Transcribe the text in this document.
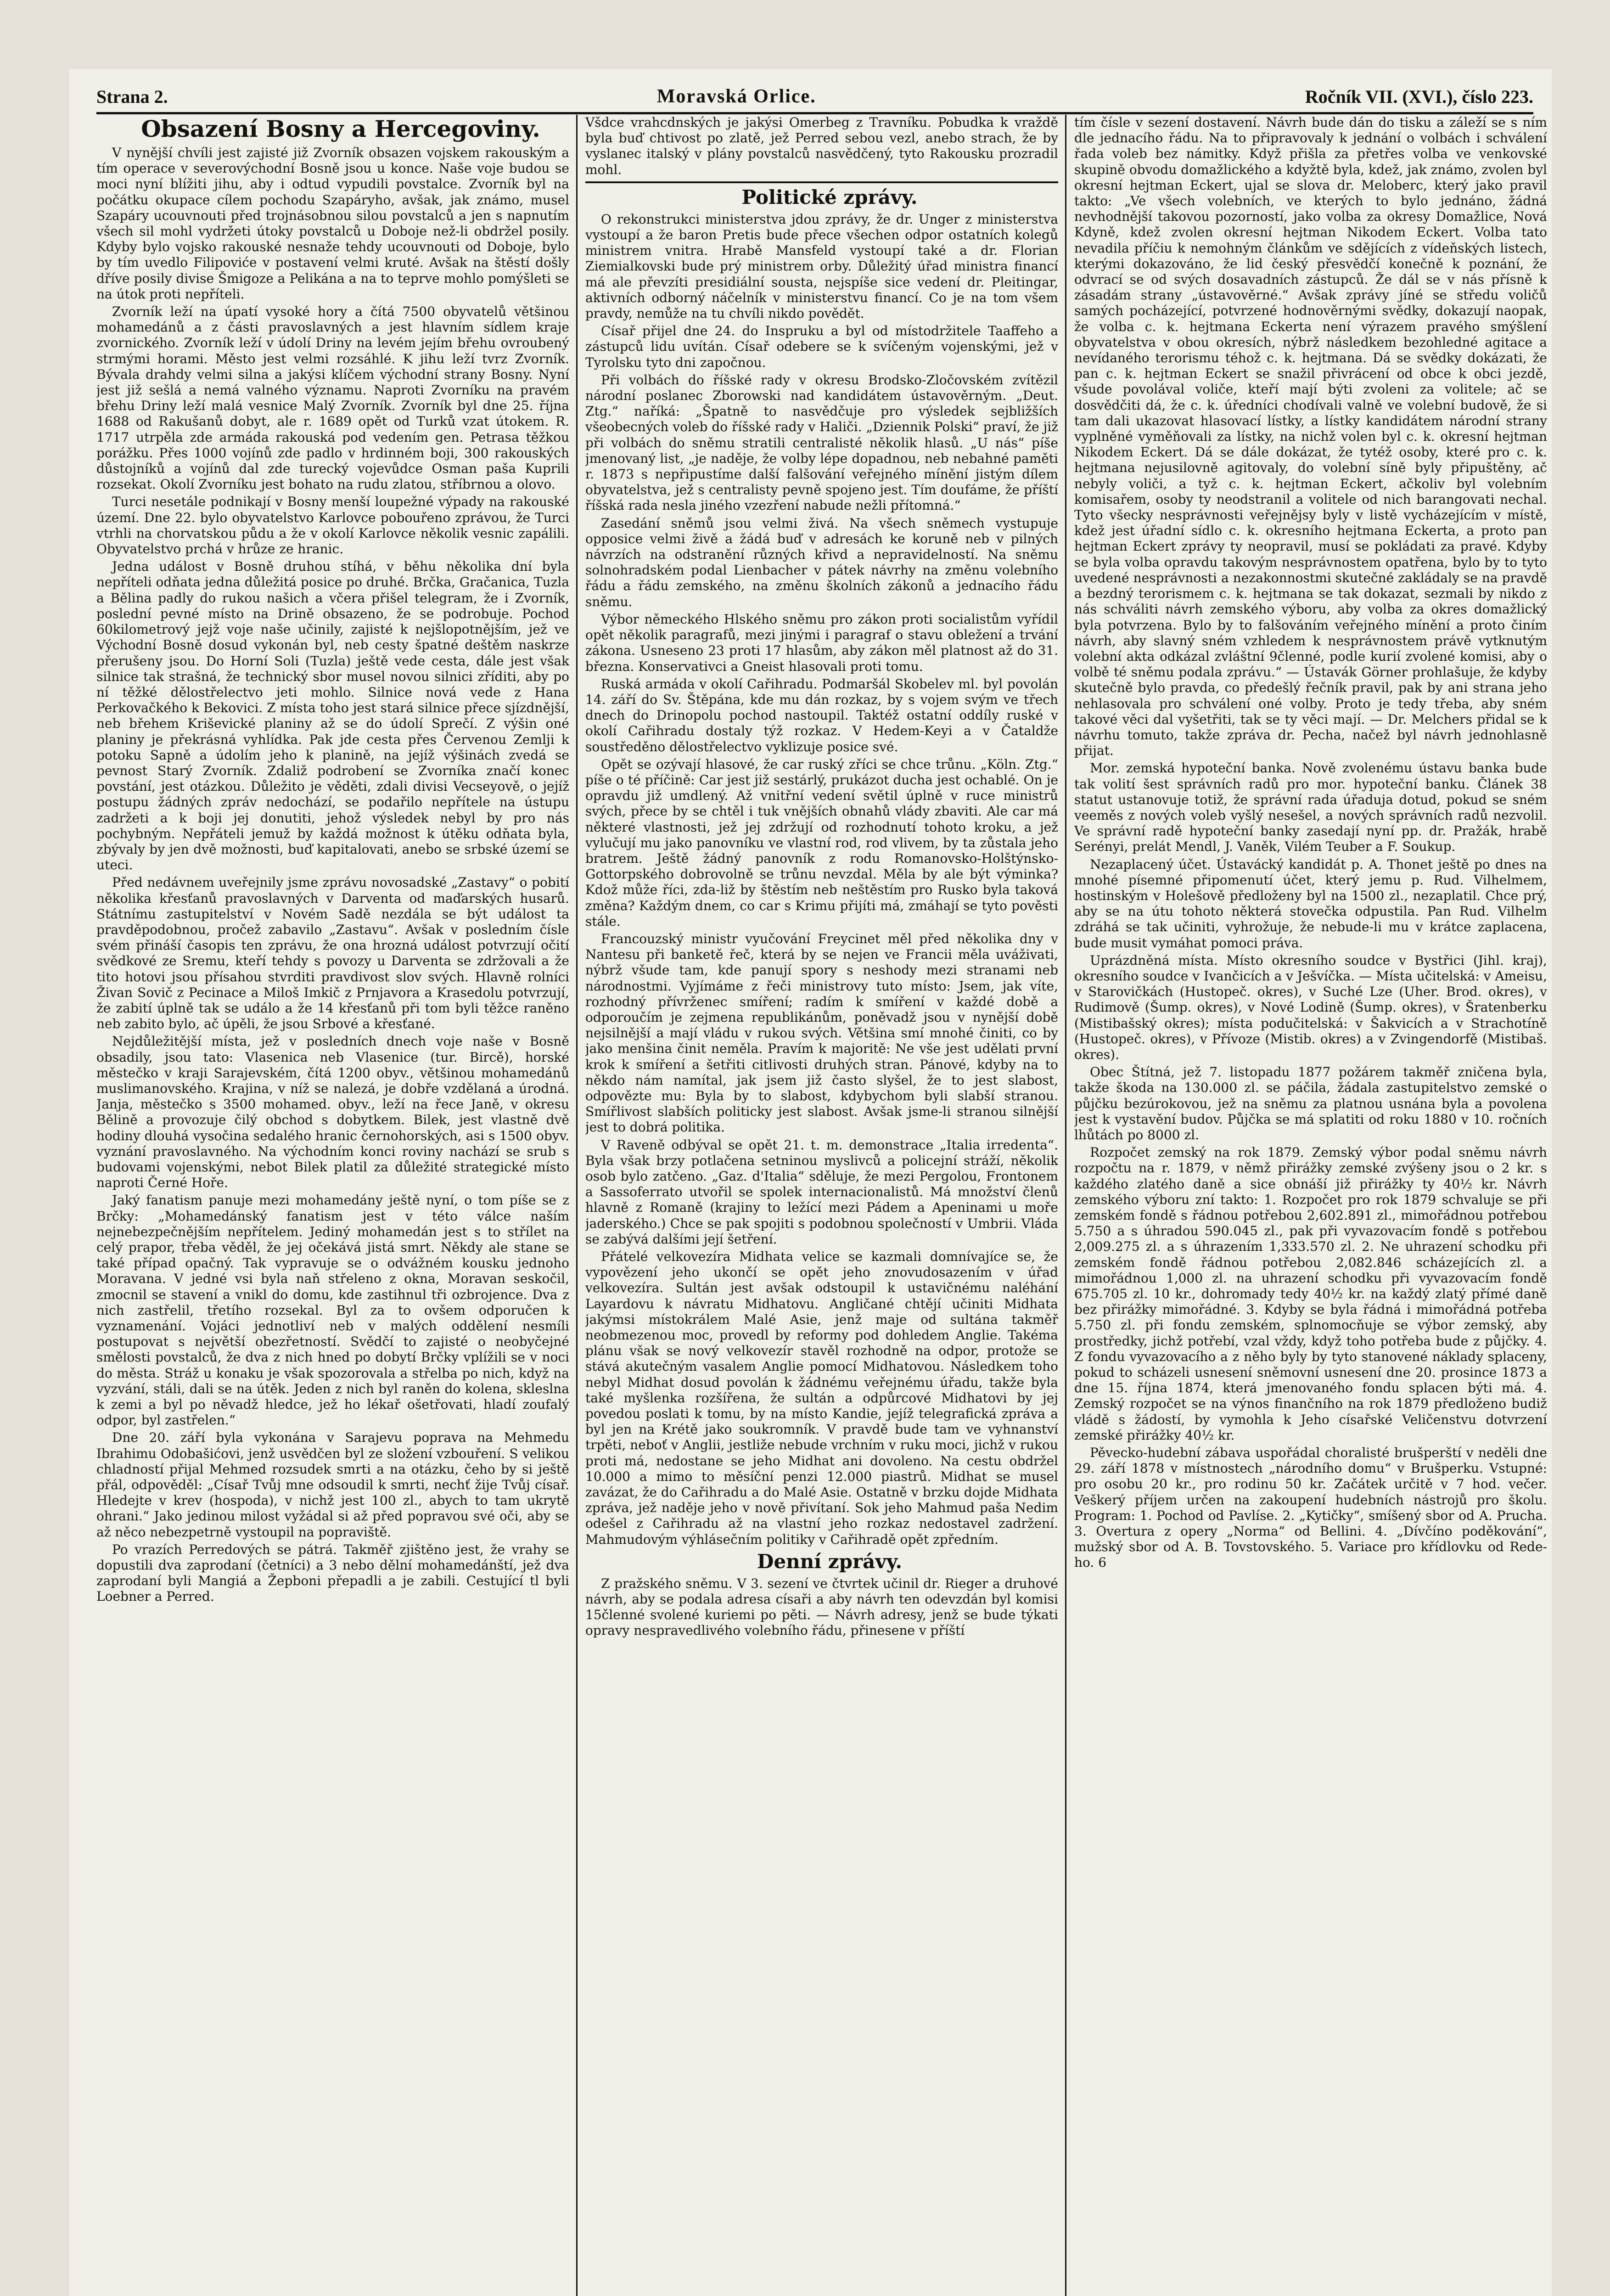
Strana 2.	Moravská Orlice.	Ročník VII. (XVI.), číslo 223.

Obsazení Bosny a Hercegoviny.

V nynější chvíli jest zajisté již Zvorník obsazen vojskem rakouským a tím operace v severovýchodní Bosně jsou u konce. Naše voje budou se moci nyní blížiti jihu, aby i odtud vypudili povstalce. Zvorník byl na počátku okupace cílem pochodu Szapáryho, avšak, jak známo, musel Szapáry ucouvnouti před trojnásobnou silou povstalců a jen s napnutím všech sil mohl vydržeti útoky povstalců u Doboje než-li obdržel posily. Kdyby bylo vojsko rakouské nesnaže tehdy ucouvnouti od Doboje, bylo by tím uvedlo Filipoviće v postavení velmi kruté. Avšak na štěstí došly dříve posily divise Šmigoze a Pelikána a na to teprve mohlo pomýšleti se na útok proti nepříteli.

Zvorník leží na úpatí vysoké hory a čítá 7500 obyvatelů většinou mohamedánů a z části pravoslavných a jest hlavním sídlem kraje zvornického. Zvorník leží v údolí Driny na levém jejím břehu ovroubený strmými horami. Město jest velmi rozsáhlé. K jihu leží tvrz Zvorník. Bývala drahdy velmi silna a jakýsi klíčem východní strany Bosny. Nyní jest již sešlá a nemá valného významu. Naproti Zvorníku na pravém břehu Driny leží malá vesnice Malý Zvorník. Zvorník byl dne 25. října 1688 od Rakušanů dobyt, ale r. 1689 opět od Turků vzat útokem. R. 1717 utrpěla zde armáda rakouská pod vedením gen. Petrasa těžkou porážku. Přes 1000 vojínů zde padlo v hrdinném boji, 300 rakouských důstojníků a vojínů dal zde turecký vojevůdce Osman paša Kuprili rozsekat. Okolí Zvorníku jest bohato na rudu zlatou, stříbrnou a olovo.

Turci nesetále podnikají v Bosny menší loupežné výpady na rakouské území. Dne 22. bylo obyvatelstvo Karlovce pobouřeno zprávou, že Turci vtrhli na chorvatskou půdu a že v okolí Karlovce několik vesnic zapálili. Obyvatelstvo prchá v hrůze ze hranic.

Jedna událost v Bosně druhou stíhá, v běhu několika dní byla nepříteli odňata jedna důležitá posice po druhé. Brčka, Gračanica, Tuzla a Bělina padly do rukou našich a včera přišel telegram, že i Zvorník, poslední pevné místo na Drině obsazeno, že se podrobuje. Pochod 60kilometrový jejž voje naše učinily, zajisté k nejšlopotnějším, jež ve Východní Bosně dosud vykonán byl, neb cesty špatné deštěm naskrze přerušeny jsou. Do Horní Soli (Tuzla) ještě vede cesta, dále jest však silnice tak strašná, že technický sbor musel novou silnici zříditi, aby po ní těžké dělostřelectvo jeti mohlo. Silnice nová vede z Hana Perkovačkého k Bekovici. Z místa toho jest stará silnice přece sjízdnější, neb břehem Kriševické planiny až se do údolí Sprečí. Z výšin oné planiny je překrásná vyhlídka. Pak jde cesta přes Červenou Zemlji k potoku Sapně a údolím jeho k planině, na jejíž výšinách zvedá se pevnost Starý Zvorník. Zdaliž podrobení se Zvorníka značí konec povstání, jest otázkou. Důležito je věděti, zdali divisi Vecseyově, o jejíž postupu žádných zpráv nedochází, se podařilo nepřítele na ústupu zadržeti a k boji jej donutiti, jehož výsledek nebyl by pro nás pochybným. Nepřáteli jemuž by každá možnost k útěku odňata byla, zbývaly by jen dvě možnosti, buď kapitalovati, anebo se srbské území se uteci.

Před nedávnem uveřejnily jsme zprávu novosadské „Zastavy“ o pobití několika křesťanů pravoslavných v Darventa od maďarských husarů. Státnímu zastupitelství v Novém Sadě nezdála se být událost ta pravděpodobnou, pročež zabavilo „Zastavu“. Avšak v posledním čísle svém přináší časopis ten zprávu, že ona hrozná událost potvrzují očití svědkové ze Sremu, kteří tehdy s povozy u Darventa se zdržovali a že tito hotovi jsou přísahou stvrditi pravdivost slov svých. Hlavně rolníci Živan Sovič z Pecinace a Miloš Imkič z Prnjavora a Krasedolu potvrzují, že zabití úplně tak se událo a že 14 křesťanů při tom byli těžce raněno neb zabito bylo, ač úpěli, že jsou Srbové a křesťané.

Nejdůležitější místa, jež v posledních dnech voje naše v Bosně obsadily, jsou tato: Vlasenica neb Vlasenice (tur. Bircě), horské městečko v kraji Sarajevském, čítá 1200 obyv., většinou mohamedánů muslimanovského. Krajina, v níž se nalezá, je dobře vzdělaná a úrodná. Janja, městečko s 3500 mohamed. obyv., leží na řece Janě, v okresu Bělině a provozuje čilý obchod s dobytkem. Bilek, jest vlastně dvě hodiny dlouhá vysočina sedalého hranic černohorských, asi s 1500 obyv. vyznání pravoslavného. Na východním konci roviny nachází se srub s budovami vojenskými, nebot Bilek platil za důležité strategické místo naproti Černé Hoře.

Jaký fanatism panuje mezi mohamedány ještě nyní, o tom píše se z Brčky: „Mohamedánský fanatism jest v této válce naším nejnebezpečnějším nepřítelem. Jediný mohamedán jest s to střílet na celý prapor, třeba věděl, že jej očekává jistá smrt. Někdy ale stane se také případ opačný. Tak vypravuje se o odvážném kousku jednoho Moravana. V jedné vsi byla naň střeleno z okna, Moravan seskočil, zmocnil se stavení a vnikl do domu, kde zastihnul tři ozbrojence. Dva z nich zastřelil, třetího rozsekal. Byl za to ovšem odporučen k vyznamenání. Vojáci jednotliví neb v malých oddělení nesmíli postupovat s největší obezřetností. Svědčí to zajisté o neobyčejné smělosti povstalců, že dva z nich hned po dobytí Brčky vplížili se v noci do města. Stráž u konaku je však spozorovala a střelba po nich, když na vyzvání, stáli, dali se na útěk. Jeden z nich byl raněn do kolena, skleslna k zemi a byl po něvadž hledce, jež ho lékař ošetřovati, hladí zoufalý odpor, byl zastřelen.“

Dne 20. září byla vykonána v Sarajevu poprava na Mehmedu Ibrahimu Odobašićovi, jenž usvědčen byl ze složení vzbouření. S velikou chladností přijal Mehmed rozsudek smrti a na otázku, čeho by si ještě přál, odpověděl: „Císař Tvůj mne odsoudil k smrti, nechť žije Tvůj císař. Hledejte v krev (hospoda), v nichž jest 100 zl., abych to tam ukrytě ohrani.“ Jako jedinou milost vyžádal si až před popravou své oči, aby se až něco nebezpetrně vystoupil na popraviště.

Po vrazích Perredových se pátrá. Takměř zjištěno jest, že vrahy se dopustili dva zaprodaní (četníci) a 3 nebo dělní mohamedánští, jež dva zaprodaní byli Mangiá a Žepboni přepadli a je zabili. Cestující tl byli Loebner a Perred.

Všdce vrahcdnských je jakýsi Omerbeg z Travníku. Pobudka k vraždě byla buď chtivost po zlatě, jež Perred sebou vezl, anebo strach, že by vyslanec italský v plány povstalců nasvědčený, tyto Rakousku prozradil mohl.

Politické zprávy.

O rekonstrukci ministerstva jdou zprávy, že dr. Unger z ministerstva vystoupí a že baron Pretis bude přece všechen odpor ostatních kolegů ministrem vnitra. Hrabě Mansfeld vystoupí také a dr. Florian Ziemialkovski bude prý ministrem orby. Důležitý úřad ministra financí má ale převzíti presidiální sousta, nejspíše sice vedení dr. Pleitingar, aktivních odborný náčelník v ministerstvu financí. Co je na tom všem pravdy, nemůže na tu chvíli nikdo povědět.

Císař přijel dne 24. do Inspruku a byl od místodržitele Taaffeho a zástupců lidu uvítán. Císař odebere se k svíčeným vojenskými, jež v Tyrolsku tyto dni započnou.

Při volbách do říšské rady v okresu Brodsko-Zločovském zvítězil národní poslanec Zborowski nad kandidátem ústavověrným. „Deut. Ztg.“ naříká: „Špatně to nasvědčuje pro výsledek sejbližších všeobecných voleb do říšské rady v Haliči. „Dziennik Polski“ praví, že již při volbách do sněmu stratili centralisté několik hlasů. „U nás“ píše jmenovaný list, „je naděje, že volby lépe dopadnou, neb nebahné paměti r. 1873 s nepřipustíme další falšování veřejného mínění jistým dílem obyvatelstva, jež s centralisty pevně spojeno jest. Tím doufáme, že příští říšská rada nesla jiného vzezření nabude nežli přítomná.“

Zasedání sněmů jsou velmi živá. Na všech sněmech vystupuje opposice velmi živě a žádá buď v adresách ke koruně neb v pilných návrzích na odstranění různých křivd a nepravidelností. Na sněmu solnohradském podal Lienbacher v pátek návrhy na změnu volebního řádu a řádu zemského, na změnu školních zákonů a jednacího řádu sněmu.

Výbor německého Hlského sněmu pro zákon proti socialistům vyřídil opět několik paragrafů, mezi jinými i paragraf o stavu obležení a trvání zákona. Usneseno 23 proti 17 hlasům, aby zákon měl platnost až do 31. března. Konservativci a Gneist hlasovali proti tomu.

Ruská armáda v okolí Cařihradu. Podmaršál Skobelev ml. byl povolán 14. září do Sv. Štěpána, kde mu dán rozkaz, by s vojem svým ve třech dnech do Drinopolu pochod nastoupil. Taktéž ostatní oddíly ruské v okolí Cařihradu dostaly týž rozkaz. V Hedem-Keyi a v Čataldže soustředěno dělostřelectvo vyklizuje posice své.

Opět se ozývají hlasové, že car ruský zříci se chce trůnu. „Köln. Ztg.“ píše o té příčině: Car jest již sestárlý, prukázot ducha jest ochablé. On je opravdu již umdlený. Až vnitřní vedení světil úplně v ruce ministrů svých, přece by se chtěl i tuk vnějších obnahů vlády zbaviti. Ale car má některé vlastnosti, jež jej zdržují od rozhodnutí tohoto kroku, a jež vylučují mu jako panovníku ve vlastní rod, rod vlivem, by ta zůstala jeho bratrem. Ještě žádný panovník z rodu Romanovsko-Holštýnsko-Gottorpského dobrovolně se trůnu nevzdal. Měla by ale být výminka? Kdož může říci, zda-liž by štěstím neb neštěstím pro Rusko byla taková změna? Každým dnem, co car s Krimu přijíti má, zmáhají se tyto pověsti stále.

Francouzský ministr vyučování Freycinet měl před několika dny v Nantesu při banketě řeč, která by se nejen ve Francii měla uváživati, nýbrž všude tam, kde panují spory s neshody mezi stranami neb národnostmi. Vyjímáme z řeči ministrovy tuto místo: Jsem, jak víte, rozhodný přívrženec smíření; radím k smíření v každé době a odporoučím je zejmena republikánům, poněvadž jsou v nynější době nejsilnější a mají vládu v rukou svých. Většina smí mnohé činiti, co by jako menšina činit neměla. Pravím k majoritě: Ne vše jest udělati první krok k smíření a šetřiti citlivosti druhých stran. Pánové, kdyby na to někdo nám namítal, jak jsem již často slyšel, že to jest slabost, odpovězte mu: Byla by to slabost, kdybychom byli slabší stranou. Smířlivost slabších politicky jest slabost. Avšak jsme-li stranou silnější jest to dobrá politika.

V Raveně odbýval se opět 21. t. m. demonstrace „Italia irredenta“. Byla však brzy potlačena setninou myslivců a policejní stráží, několik osob bylo zatčeno. „Gaz. d'Italia“ sděluje, že mezi Pergolou, Frontonem a Sassoferrato utvořil se spolek internacionalistů. Má množství členů hlavně z Romaně (krajiny to ležící mezi Pádem a Apeninami u moře jaderského.) Chce se pak spojiti s podobnou společností v Umbrii. Vláda se zabývá dalšími její šetření.

Přátelé velkovezíra Midhata velice se kazmali domnívajíce se, že vypovězení jeho ukončí se opět jeho znovudosazením v úřad velkovezíra. Sultán jest avšak odstoupil k ustavičnému naléhání Layardovu k návratu Midhatovu. Angličané chtějí učiniti Midhata jakýmsi místokrálem Malé Asie, jenž maje od sultána takměř neobmezenou moc, provedl by reformy pod dohledem Anglie. Takéma plánu však se nový velkovezír stavěl rozhodně na odpor, protože se stává akutečným vasalem Anglie pomocí Midhatovou. Následkem toho nebyl Midhat dosud povolán k žádnému veřejnému úřadu, takže byla také myšlenka rozšířena, že sultán a odpůrcové Midhatovi by jej povedou poslati k tomu, by na místo Kandie, jejíž telegrafická zpráva a byl jen na Krétě jako soukromník. V pravdě bude tam ve vyhnanství trpěti, neboť v Anglii, jestliže nebude vrchním v ruku moci, jichž v rukou proti má, nedostane se jeho Midhat ani dovoleno. Na cestu obdržel 10.000 a mimo to měsíční penzi 12.000 piastrů. Midhat se musel zavázat, že do Cařihradu a do Malé Asie. Ostatně v brzku dojde Midhata zpráva, jež naděje jeho v nově přivítaní. Sok jeho Mahmud paša Nedim odešel z Cařihradu až na vlastní jeho rozkaz nedostavel zadržení. Mahmudovým výhlásečním politiky v Cařihradě opět zpředním.

Denní zprávy.

Z pražského sněmu. V 3. sezení ve čtvrtek učinil dr. Rieger a druhové návrh, aby se podala adresa císaři a aby návrh ten odevzdán byl komisi 15členné svolené kuriemi po pěti. — Návrh adresy, jenž se bude týkati opravy nespravedlivého volebního řádu, přinesene v příští

tím čísle v sezení dostavení. Návrh bude dán do tisku a záleží se s ním dle jednacího řádu. Na to připravovaly k jednání o volbách i schválení řada voleb bez námitky. Když přišla za přetřes volba ve venkovské skupině obvodu domažlického a kdyžtě byla, kdež, jak známo, zvolen byl okresní hejtman Eckert, ujal se slova dr. Meloberc, který jako pravil takto: „Ve všech volebních, ve kterých to bylo jednáno, žádná nevhodnější takovou pozorností, jako volba za okresy Domažlice, Nová Kdyně, kdež zvolen okresní hejtman Nikodem Eckert. Volba tato nevadila příčiu k nemohným článkům ve sdějících z vídeňských listech, kterými dokazováno, že lid český přesvědčí konečně k poznání, že odvrací se od svých dosavadních zástupců. Že dál se v nás přísně k zásadám strany „ústavověrné.“ Avšak zprávy jíné se středu voličů samých pocházející, potvrzené hodnověrnými svědky, dokazují naopak, že volba c. k. hejtmana Eckerta není výrazem pravého smýšlení obyvatelstva v obou okresích, nýbrž následkem bezohledné agitace a nevídaného terorismu téhož c. k. hejtmana. Dá se svědky dokázati, že pan c. k. hejtman Eckert se snažil přivrácení od obce k obci jezdě, všude povolával voliče, kteří mají býti zvoleni za volitele; ač se dosvědčiti dá, že c. k. úředníci chodívali valně ve volební budově, že si tam dali ukazovat hlasovací lístky, a lístky kandidátem národní strany vyplněné vyměňovali za lístky, na nichž volen byl c. k. okresní hejtman Nikodem Eckert. Dá se dále dokázat, že tytéž osoby, které pro c. k. hejtmana nejusilovně agitovaly, do volební síně byly připuštěny, ač nebyly voliči, a tyž c. k. hejtman Eckert, ačkoliv byl volebním komisařem, osoby ty neodstranil a volitele od nich barangovati nechal. Tyto všecky nesprávnosti veřejnějsy byly v listě vycházejícím v místě, kdež jest úřadní sídlo c. k. okresního hejtmana Eckerta, a proto pan hejtman Eckert zprávy ty neopravil, musí se pokládati za pravé. Kdyby se byla volba opravdu takovým nesprávnostem opatřena, bylo by to tyto uvedené nesprávnosti a nezakonnostmi skutečné zakládaly se na pravdě a bezdný terorismem c. k. hejtmana se tak dokazat, sezmali by nikdo z nás schváliti návrh zemského výboru, aby volba za okres domažlický byla potvrzena. Bylo by to falšováním veřejného mínění a proto činím návrh, aby slavný sném vzhledem k nesprávnostem právě vytknutým volební akta odkázal zvláštní 9členné, podle kurií zvolené komisi, aby o volbě té sněmu podala zprávu.“ — Ústavák Görner prohlašuje, že kdyby skutečně bylo pravda, co předešlý řečník pravil, pak by ani strana jeho nehlasovala pro schválení oné volby. Proto je tedy třeba, aby sném takové věci dal vyšetřiti, tak se ty věci mají. — Dr. Melchers přidal se k návrhu tomuto, takže zpráva dr. Pecha, načež byl návrh jednohlasně přijat.

Mor. zemská hypoteční banka. Nově zvolenému ústavu banka bude tak volití šest správních radů pro mor. hypoteční banku. Článek 38 statut ustanovuje totiž, že správní rada úřaduja dotud, pokud se sném veeměs z nových voleb vyšlý nesešel, a nových správních radů nezvolil. Ve správní radě hypoteční banky zasedají nyní pp. dr. Pražák, hrabě Serényi, prelát Mendl, J. Vaněk, Vilém Teuber a F. Soukup.

Nezaplacený účet. Ústavácký kandidát p. A. Thonet ještě po dnes na mnohé písemné připomenutí účet, který jemu p. Rud. Vilhelmem, hostinským v Holešově předloženy byl na 1500 zl., nezaplatil. Chce prý, aby se na útu tohoto některá stovečka odpustila. Pan Rud. Vilhelm zdráhá se tak učiniti, vyhrožuje, že nebude-li mu v krátce zaplacena, bude musit vymáhat pomoci práva.

Uprázdněná místa. Místo okresního soudce v Bystřici (Jihl. kraj), okresního soudce v Ivančicích a v Ješvíčka. — Místa učitelská: v Ameisu, v Starovičkách (Hustopeč. okres), v Suché Lze (Uher. Brod. okres), v Rudimově (Šump. okres), v Nové Lodině (Šump. okres), v Šratenberku (Mistibašský okres); místa podučitelská: v Šakvicích a v Strachotíně (Hustopeč. okres), v Přívoze (Mistib. okres) a v Zvingendorfě (Mistibaš. okres).

Obec Štítná, jež 7. listopadu 1877 požárem takměř zničena byla, takže škoda na 130.000 zl. se páčila, žádala zastupitelstvo zemské o půjčku bezúrokovou, jež na sněmu za platnou usnána byla a povolena jest k vystavění budov. Půjčka se má splatiti od roku 1880 v 10. ročních lhůtách po 8000 zl.

Rozpočet zemský na rok 1879. Zemský výbor podal sněmu návrh rozpočtu na r. 1879, v němž přirážky zemské zvýšeny jsou o 2 kr. s každého zlatého daně a sice obnáší již přirážky ty 40½ kr. Návrh zemského výboru zní takto: 1. Rozpočet pro rok 1879 schvaluje se při zemském fondě s řádnou potřebou 2,602.891 zl., mimořádnou potřebou 5.750 a s úhradou 590.045 zl., pak při vyvazovacím fondě s potřebou 2,009.275 zl. a s úhrazením 1,333.570 zl. 2. Ne uhrazení schodku při zemském fondě řádnou potřebou 2,082.846 scházejících zl. a mimořádnou 1,000 zl. na uhrazení schodku při vyvazovacím fondě 675.705 zl. 10 kr., dohromady tedy 40½ kr. na každý zlatý přímé daně bez přirážky mimořádné. 3. Kdyby se byla řádná i mimořádná potřeba 5.750 zl. při fondu zemském, splnomocňuje se výbor zemský, aby prostředky, jichž potřebí, vzal vždy, když toho potřeba bude z půjčky. 4. Z fondu vyvazovacího a z něho byly by tyto stanovené náklady splaceny, pokud to scházeli usnesení sněmovní usnesení dne 20. prosince 1873 a dne 15. října 1874, která jmenovaného fondu splacen býti má. 4. Zemský rozpočet se na výnos finančního na rok 1879 předloženo budiž vládě s žádostí, by vymohla k Jeho císařské Veličenstvu dotvrzení zemské přirážky 40½ kr.

Pěvecko-hudební zábava uspořádal choralisté brušperští v neděli dne 29. září 1878 v místnostech „národního domu“ v Brušperku. Vstupné: pro osobu 20 kr., pro rodinu 50 kr. Začátek určitě v 7 hod. večer. Veškerý příjem určen na zakoupení hudebních nástrojů pro školu. Program: 1. Pochod od Pavlíse. 2. „Kytičky“, smíšený sbor od A. Prucha. 3. Overtura z opery „Norma“ od Bellini. 4. „Dívčíno poděkování“, mužský sbor od A. B. Tovstovského. 5. Variace pro křídlovku od Rede-ho. 6
